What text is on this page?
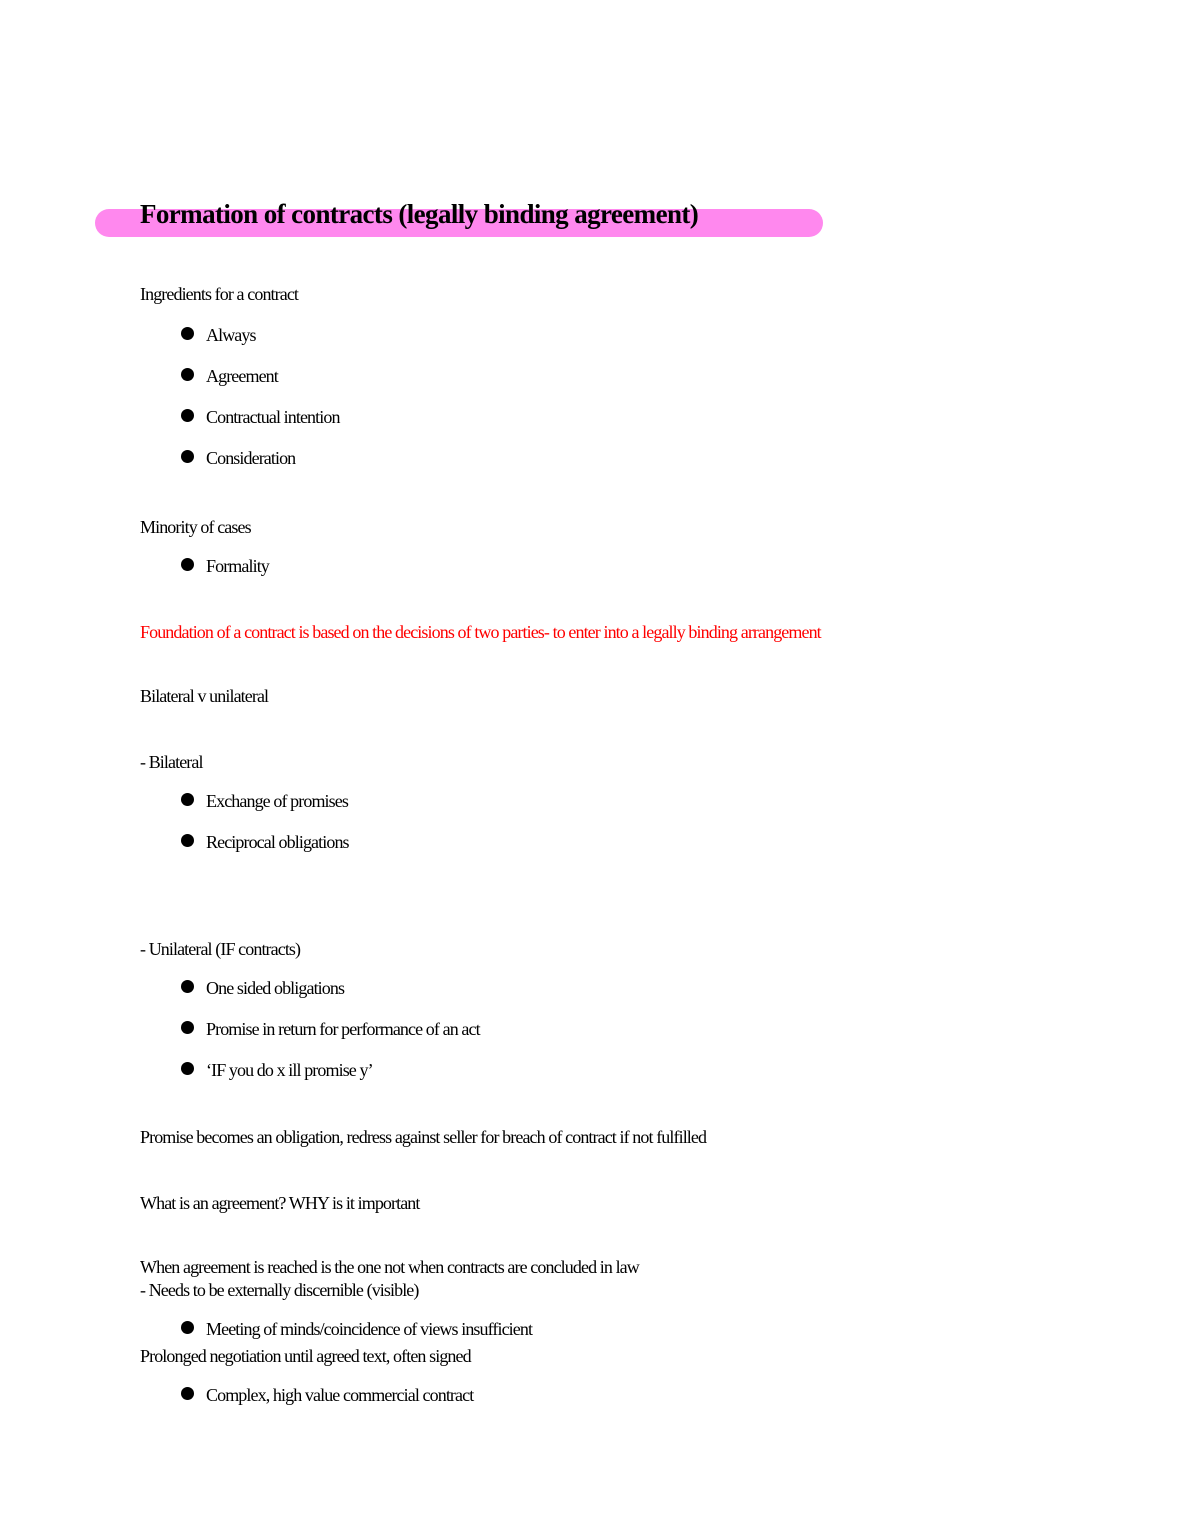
Formation of contracts (legally binding agreement)
Ingredients for a contract
Always
Agreement
Contractual intention
Consideration
Minority of cases
Formality
Foundation of a contract is based on the decisions of two parties- to enter into a legally binding arrangement
Bilateral v unilateral
- Bilateral
Exchange of promises
Reciprocal obligations
- Unilateral (IF contracts)
One sided obligations
Promise in return for performance of an act
‘IF you do x ill promise y’
Promise becomes an obligation, redress against seller for breach of contract if not fulfilled
What is an agreement? WHY is it important
When agreement is reached is the one not when contracts are concluded in law
- Needs to be externally discernible (visible)
Meeting of minds/coincidence of views insufficient
Prolonged negotiation until agreed text, often signed
Complex, high value commercial contract
